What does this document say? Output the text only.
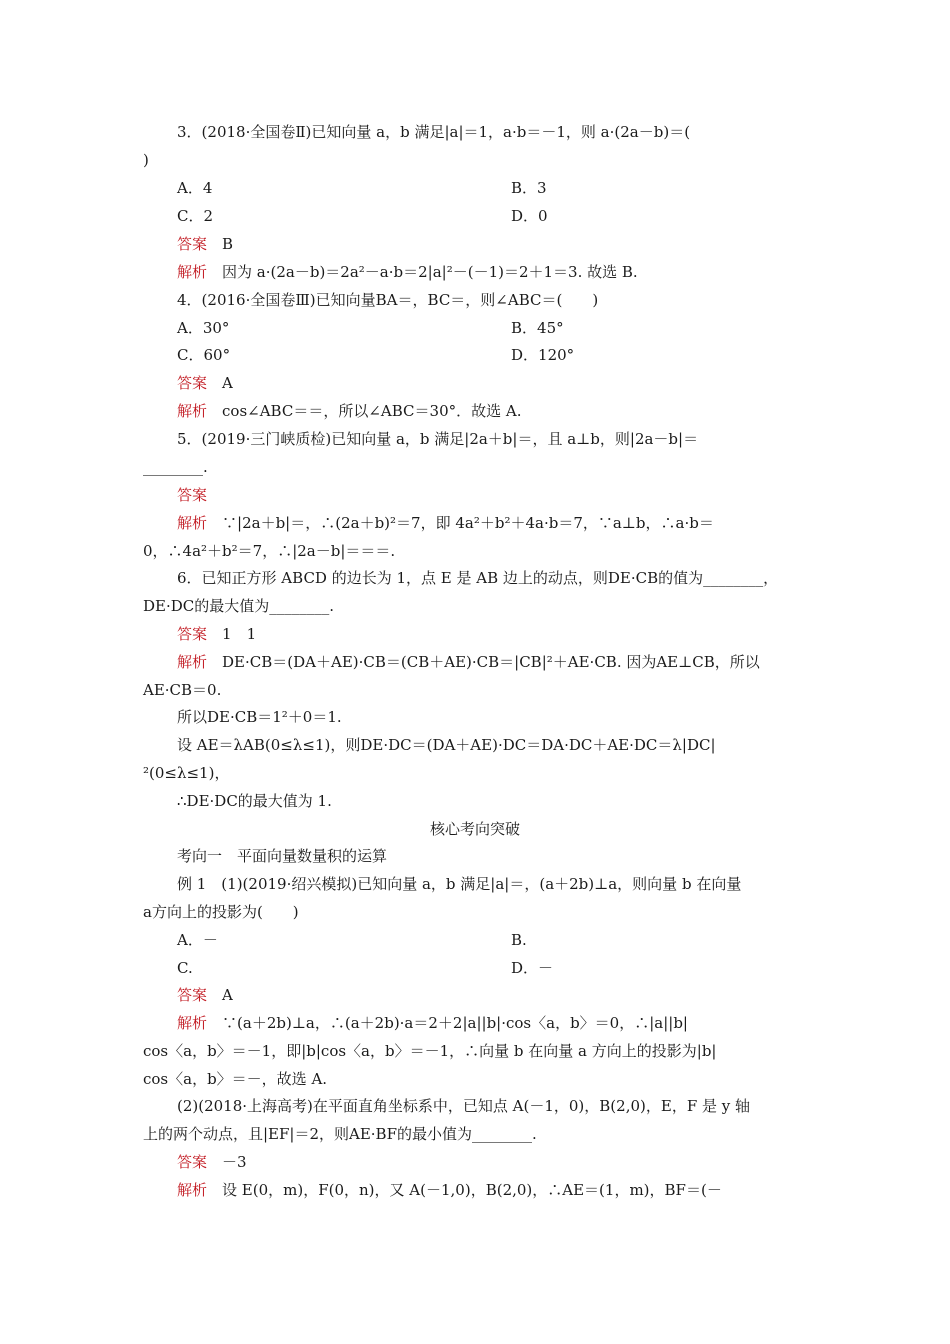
3．(2018·全国卷Ⅱ)已知向量 a，b 满足|a|＝1，a·b＝－1，则 a·(2a－b)＝(
)
A．4	B．3
C．2	D．0
答案　 B
解析　 因为 a·(2a－b)＝2a²－a·b＝2|a|²－(－1)＝2＋1＝3. 故选 B.
4．(2016·全国卷Ⅲ)已知向量BA＝，BC＝，则∠ABC＝(　　)
A．30°	B．45°
C．60°	D．120°
答案　 A
解析　 cos∠ABC＝＝，所以∠ABC＝30°．故选 A.
5．(2019·三门峡质检)已知向量 a，b 满足|2a＋b|＝，且 a⊥b，则|2a－b|＝
________.
答案
解析　 ∵|2a＋b|＝，∴(2a＋b)²＝7，即 4a²＋b²＋4a·b＝7，∵a⊥b，∴a·b＝
0，∴4a²＋b²＝7，∴|2a－b|＝＝＝.
6．已知正方形 ABCD 的边长为 1，点 E 是 AB 边上的动点，则DE·CB的值为________，
DE·DC的最大值为________.
答案　 1　1
解析　 DE·CB＝(DA＋AE)·CB＝(CB＋AE)·CB＝|CB|²＋AE·CB. 因为AE⊥CB，所以
AE·CB＝0.
所以DE·CB＝1²＋0＝1.
设 AE＝λAB(0≤λ≤1)，则DE·DC＝(DA＋AE)·DC＝DA·DC＋AE·DC＝λ|DC|
²(0≤λ≤1)，
∴DE·DC的最大值为 1.
核心考向突破
考向一　平面向量数量积的运算
例 1　(1)(2019·绍兴模拟)已知向量 a，b 满足|a|＝，(a＋2b)⊥a，则向量 b 在向量
a方向上的投影为(　　)
A．－	B.
C.	D．－
答案　 A
解析　 ∵(a＋2b)⊥a，∴(a＋2b)·a＝2＋2|a||b|·cos〈a，b〉＝0，∴|a||b|
cos〈a，b〉＝－1，即|b|cos〈a，b〉＝－1，∴向量 b 在向量 a 方向上的投影为|b|
cos〈a，b〉＝－，故选 A.
(2)(2018·上海高考)在平面直角坐标系中，已知点 A(－1，0)，B(2,0)，E，F 是 y 轴
上的两个动点，且|EF|＝2，则AE·BF的最小值为________.
答案　 －3
解析　 设 E(0，m)，F(0，n)，又 A(－1,0)，B(2,0)，∴AE＝(1，m)，BF＝(－
